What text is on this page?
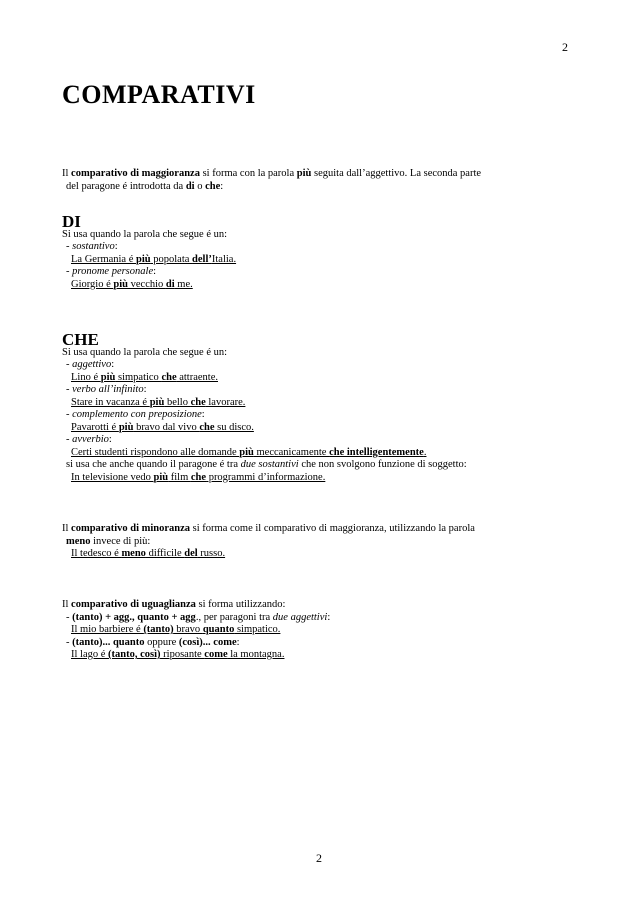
2
COMPARATIVI
Il comparativo di maggioranza si forma con la parola più seguita dall’aggettivo. La seconda parte
del paragone é introdotta da di o che:
DI
Si usa quando la parola che segue é un:
- sostantivo:
La Germania é più popolata dell’Italia.
- pronome personale:
Giorgio é più vecchio di me.
CHE
Si usa quando la parola che segue é un:
- aggettivo:
Lino é più simpatico che attraente.
- verbo all’infinito:
Stare in vacanza é più bello che lavorare.
- complemento con preposizione:
Pavarotti é più bravo dal vivo che su disco.
- avverbio:
Certi studenti rispondono alle domande più meccanicamente che intelligentemente.
si usa che anche quando il paragone é tra due sostantivi che non svolgono funzione di soggetto:
In televisione vedo più film che programmi d’informazione.
Il comparativo di minoranza si forma come il comparativo di maggioranza, utilizzando la parola
meno invece di più:
Il tedesco é meno difficile del russo.
Il comparativo di uguaglianza si forma utilizzando:
- (tanto) + agg., quanto + agg., per paragoni tra due aggettivi:
Il mio barbiere é (tanto) bravo quanto simpatico.
- (tanto)... quanto oppure (così)... come:
Il lago é (tanto, così) riposante come la montagna.
2
